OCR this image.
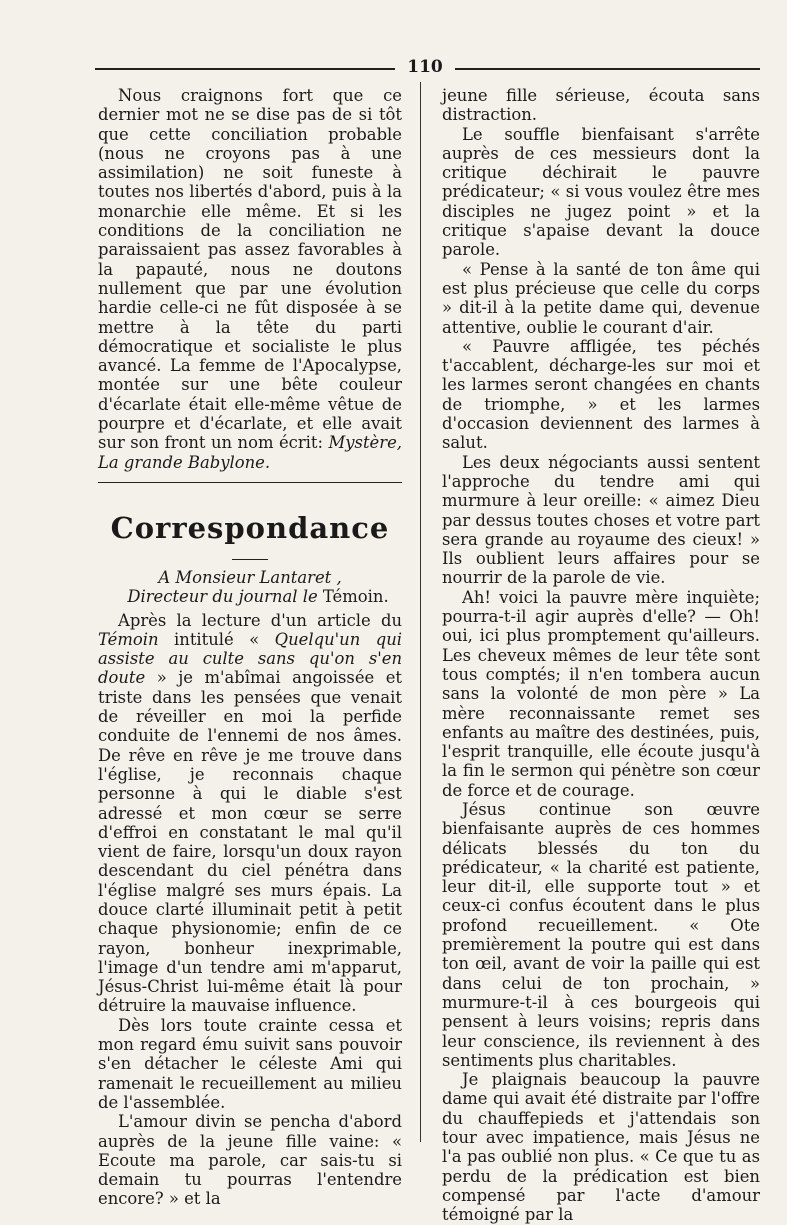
110

Nous craignons fort que ce dernier mot ne se dise pas de si tôt que cette conciliation probable (nous ne croyons pas à une assimilation) ne soit funeste à toutes nos libertés d'abord, puis à la monarchie elle même. Et si les conditions de la conciliation ne paraissaient pas assez favorables à la papauté, nous ne doutons nullement que par une évolution hardie celle-ci ne fût disposée à se mettre à la tête du parti démocratique et socialiste le plus avancé. La femme de l'Apocalypse, montée sur une bête couleur d'écarlate était elle-même vêtue de pourpre et d'écarlate, et elle avait sur son front un nom écrit: Mystère, La grande Babylone.

Correspondance

A Monsieur Lantaret ,

Directeur du journal le Témoin.

Après la lecture d'un article du Témoin intitulé « Quelqu'un qui assiste au culte sans qu'on s'en doute » je m'abîmai angoissée et triste dans les pensées que venait de réveiller en moi la perfide conduite de l'ennemi de nos âmes. De rêve en rêve je me trouve dans l'église, je reconnais chaque personne à qui le diable s'est adressé et mon cœur se serre d'effroi en constatant le mal qu'il vient de faire, lorsqu'un doux rayon descendant du ciel pénétra dans l'église malgré ses murs épais. La douce clarté illuminait petit à petit chaque physionomie; enfin de ce rayon, bonheur inexprimable, l'image d'un tendre ami m'apparut, Jésus-Christ lui-même était là pour détruire la mauvaise influence.

Dès lors toute crainte cessa et mon regard ému suivit sans pouvoir s'en détacher le céleste Ami qui ramenait le recueillement au milieu de l'assemblée.

L'amour divin se pencha d'abord auprès de la jeune fille vaine: « Ecoute ma parole, car sais-tu si demain tu pourras l'entendre encore? » et la

jeune fille sérieuse, écouta sans distraction.

Le souffle bienfaisant s'arrête auprès de ces messieurs dont la critique déchirait le pauvre prédicateur; « si vous voulez être mes disciples ne jugez point » et la critique s'apaise devant la douce parole.

« Pense à la santé de ton âme qui est plus précieuse que celle du corps » dit-il à la petite dame qui, devenue attentive, oublie le courant d'air.

« Pauvre affligée, tes péchés t'accablent, décharge-les sur moi et les larmes seront changées en chants de triomphe, » et les larmes d'occasion deviennent des larmes à salut.

Les deux négociants aussi sentent l'approche du tendre ami qui murmure à leur oreille: « aimez Dieu par dessus toutes choses et votre part sera grande au royaume des cieux! » Ils oublient leurs affaires pour se nourrir de la parole de vie.

Ah! voici la pauvre mère inquiète; pourra-t-il agir auprès d'elle? — Oh! oui, ici plus promptement qu'ailleurs. Les cheveux mêmes de leur tête sont tous comptés; il n'en tombera aucun sans la volonté de mon père » La mère reconnaissante remet ses enfants au maître des destinées, puis, l'esprit tranquille, elle écoute jusqu'à la fin le sermon qui pénètre son cœur de force et de courage.

Jésus continue son œuvre bienfaisante auprès de ces hommes délicats blessés du ton du prédicateur, « la charité est patiente, leur dit-il, elle supporte tout » et ceux-ci confus écoutent dans le plus profond recueillement. « Ote premièrement la poutre qui est dans ton œil, avant de voir la paille qui est dans celui de ton prochain, » murmure-t-il à ces bourgeois qui pensent à leurs voisins; repris dans leur conscience, ils reviennent à des sentiments plus charitables.

Je plaignais beaucoup la pauvre dame qui avait été distraite par l'offre du chauffepieds et j'attendais son tour avec impatience, mais Jésus ne l'a pas oublié non plus. « Ce que tu as perdu de la prédication est bien compensé par l'acte d'amour témoigné par la
